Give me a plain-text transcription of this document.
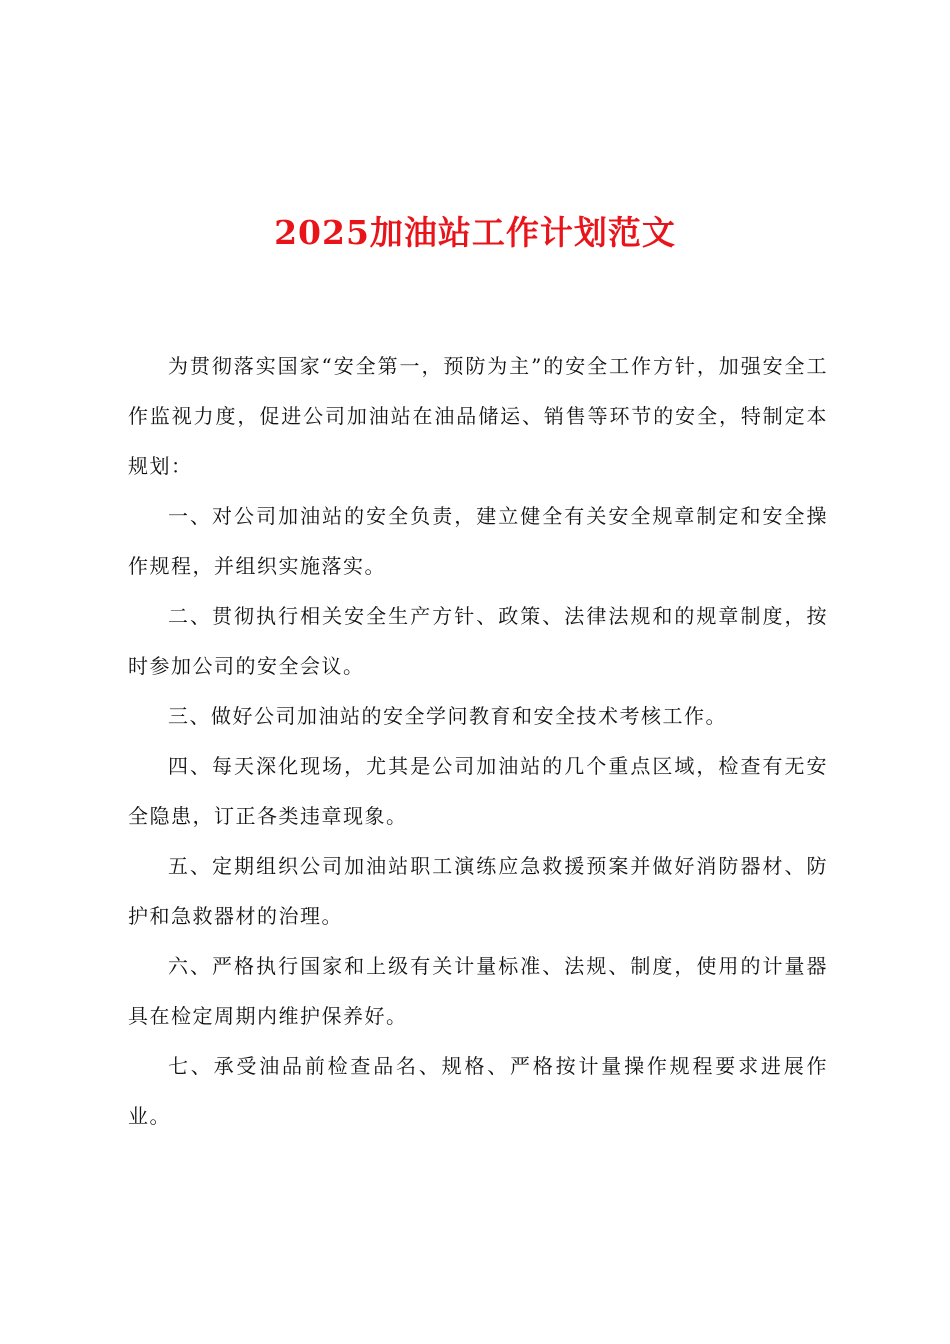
2025加油站工作计划范文

为贯彻落实国家“安全第一，预防为主”的安全工作方针，加强安全工作监视力度，促进公司加油站在油品储运、销售等环节的安全，特制定本规划：

一、对公司加油站的安全负责，建立健全有关安全规章制定和安全操作规程，并组织实施落实。

二、贯彻执行相关安全生产方针、政策、法律法规和的规章制度，按时参加公司的安全会议。

三、做好公司加油站的安全学问教育和安全技术考核工作。

四、每天深化现场，尤其是公司加油站的几个重点区域，检查有无安全隐患，订正各类违章现象。

五、定期组织公司加油站职工演练应急救援预案并做好消防器材、防护和急救器材的治理。

六、严格执行国家和上级有关计量标准、法规、制度，使用的计量器具在检定周期内维护保养好。

七、承受油品前检查品名、规格、严格按计量操作规程要求进展作业。
